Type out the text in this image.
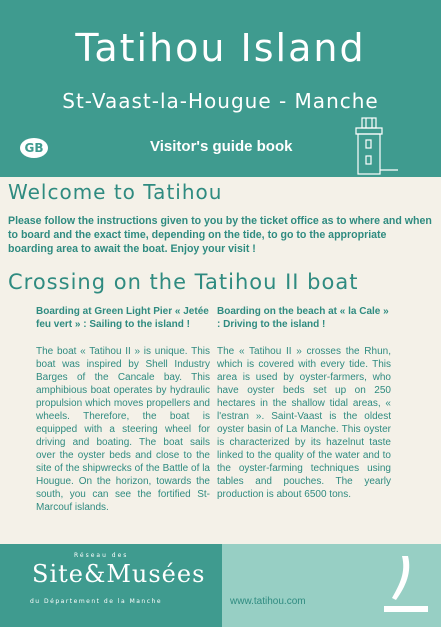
Tatihou Island
St-Vaast-la-Hougue - Manche
GB	Visitor's guide book
Welcome to Tatihou
Please follow the instructions given to you by the ticket office as to where and when to board and the exact time, depending on the tide, to go to the appropriate boarding area to await the boat. Enjoy your visit !
Crossing on the Tatihou II boat
Boarding at Green Light Pier « Jetée feu vert » : Sailing to the island !
The boat « Tatihou II » is unique. This boat was inspired by Shell Industry Barges of the Cancale bay. This amphibious boat operates by hydraulic propulsion which moves propellers and wheels. Therefore, the boat is equipped with a steering wheel for driving and boating. The boat sails over the oyster beds and close to the site of the shipwrecks of the Battle of la Hougue. On the horizon, towards the south, you can see the fortified St-Marcouf islands.
Boarding on the beach at « la Cale » : Driving to the island !
The « Tatihou II » crosses the Rhun, which is covered with every tide. This area is used by oyster-farmers, who have oyster beds set up on 250 hectares in the shallow tidal areas, « l'estran ». Saint-Vaast is the oldest oyster basin of La Manche. This oyster is characterized by its hazelnut taste linked to the quality of the water and to the oyster-farming techniques using tables and pouches. The yearly production is about 6500 tons.
Réseau des
Site&Musées
du Département de la Manche	www.tatihou.com
